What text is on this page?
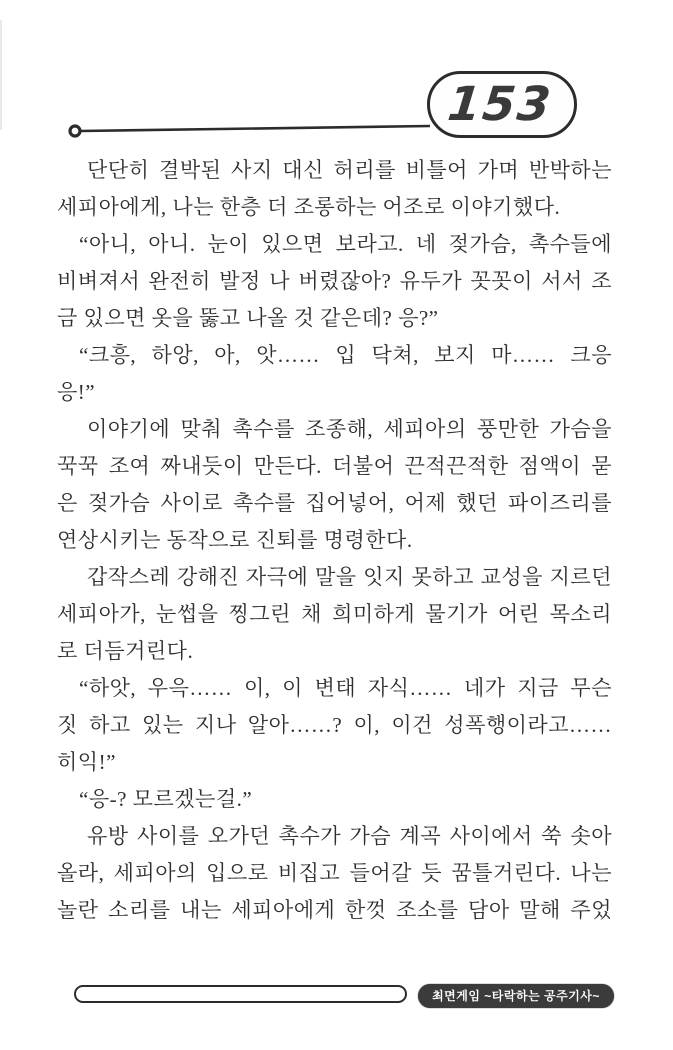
153
단단히 결박된 사지 대신 허리를 비틀어 가며 반박하는
세피아에게, 나는 한층 더 조롱하는 어조로 이야기했다.
“아니, 아니. 눈이 있으면 보라고. 네 젖가슴, 촉수들에
비벼져서 완전히 발정 나 버렸잖아? 유두가 꼿꼿이 서서 조
금 있으면 옷을 뚫고 나올 것 같은데? 응?”
“크흥, 하앙, 아, 앗…… 입 닥쳐, 보지 마…… 크응
응!”
이야기에 맞춰 촉수를 조종해, 세피아의 풍만한 가슴을
꾹꾹 조여 짜내듯이 만든다. 더불어 끈적끈적한 점액이 묻
은 젖가슴 사이로 촉수를 집어넣어, 어제 했던 파이즈리를
연상시키는 동작으로 진퇴를 명령한다.
갑작스레 강해진 자극에 말을 잇지 못하고 교성을 지르던
세피아가, 눈썹을 찡그린 채 희미하게 물기가 어린 목소리
로 더듬거린다.
“하앗, 우윽…… 이, 이 변태 자식…… 네가 지금 무슨
짓 하고 있는 지나 알아……? 이, 이건 성폭행이라고……
히익!”
“응-? 모르겠는걸.”
유방 사이를 오가던 촉수가 가슴 계곡 사이에서 쑥 솟아
올라, 세피아의 입으로 비집고 들어갈 듯 꿈틀거린다. 나는
놀란 소리를 내는 세피아에게 한껏 조소를 담아 말해 주었
최면게임 ~타락하는 공주기사~
